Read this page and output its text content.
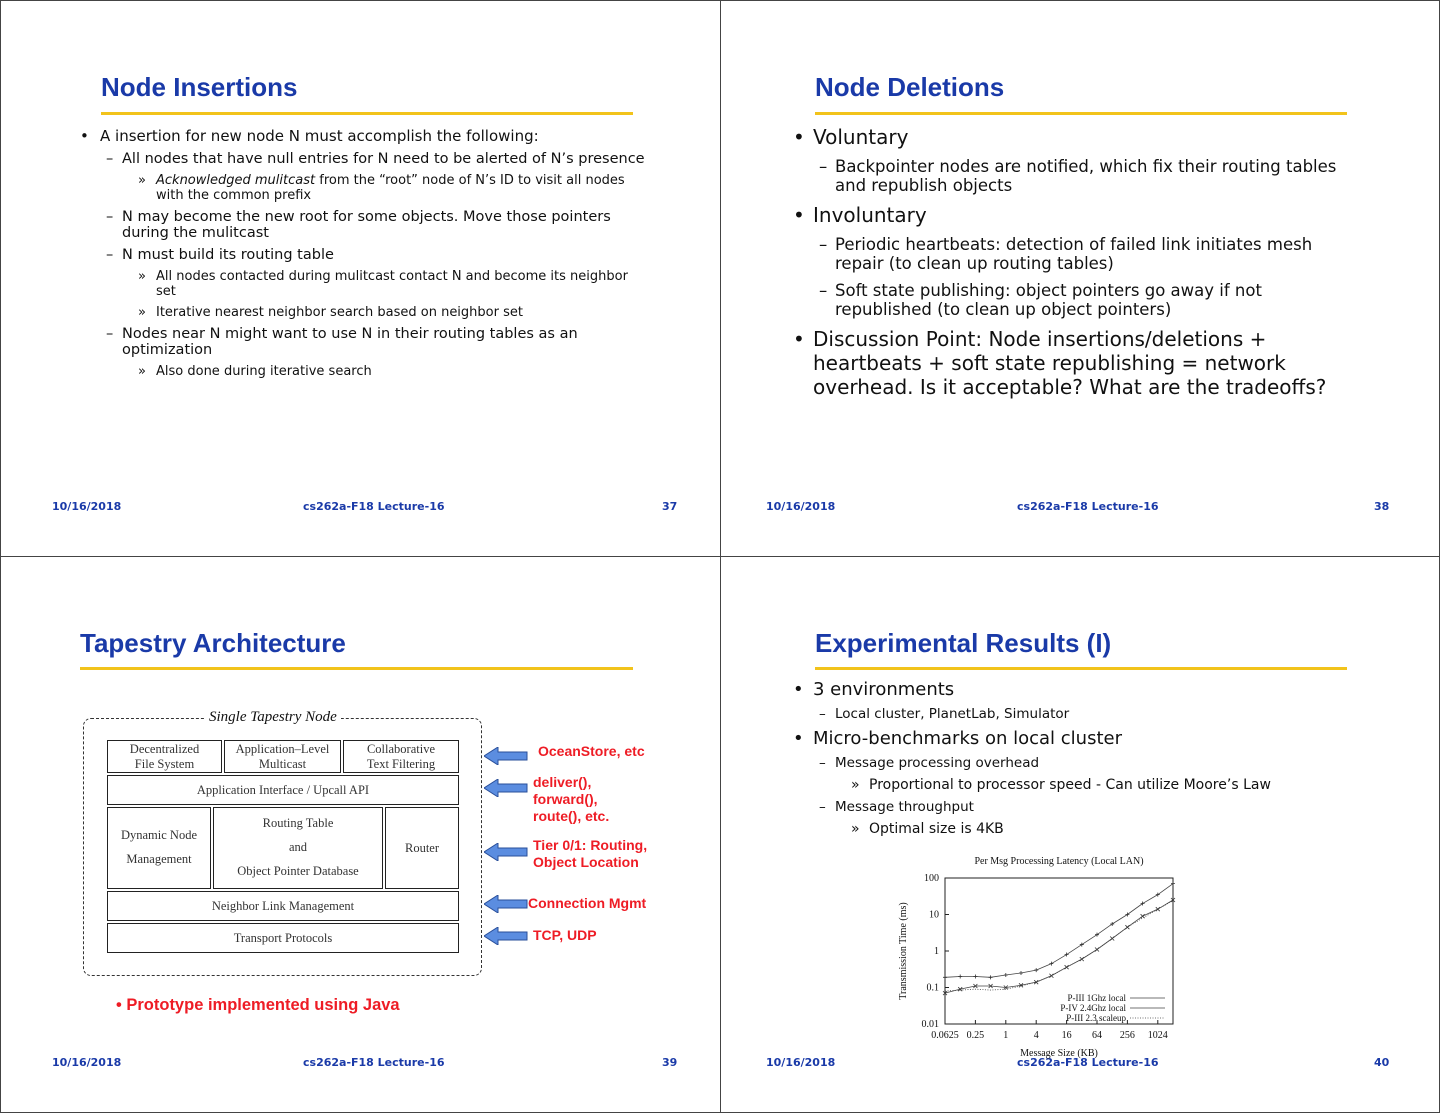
Node Insertions
• A insertion for new node N must accomplish the following:
– All nodes that have null entries for N need to be alerted of N’s presence
» Acknowledged mulitcast from the “root” node of N’s ID to visit all nodes with the common prefix
– N may become the new root for some objects. Move those pointers during the mulitcast
– N must build its routing table
» All nodes contacted during mulitcast contact N and become its neighbor set
» Iterative nearest neighbor search based on neighbor set
– Nodes near N might want to use N in their routing tables as an optimization
» Also done during iterative search
10/16/2018	cs262a-F18 Lecture-16	37
Node Deletions
• Voluntary
– Backpointer nodes are notified, which fix their routing tables and republish objects
• Involuntary
– Periodic heartbeats: detection of failed link initiates mesh repair (to clean up routing tables)
– Soft state publishing: object pointers go away if not republished (to clean up object pointers)
• Discussion Point: Node insertions/deletions + heartbeats + soft state republishing = network overhead. Is it acceptable? What are the tradeoffs?
10/16/2018	cs262a-F18 Lecture-16	38
Tapestry Architecture
10/16/2018	cs262a-F18 Lecture-16	39
Single Tapestry Node
Decentralized
File System
Application–Level
Multicast
Collaborative
Text Filtering
Application Interface / Upcall API
Dynamic Node

Management
Routing Table

and

Object Pointer Database
Router
Neighbor Link Management
Transport Protocols
OceanStore, etc
deliver(),
forward(),
route(), etc.
Tier 0/1: Routing,
Object Location
Connection Mgmt
TCP, UDP
• Prototype implemented using Java
Experimental Results (I)
• 3 environments
– Local cluster, PlanetLab, Simulator
• Micro-benchmarks on local cluster
– Message processing overhead
» Proportional to processor speed - Can utilize Moore’s Law
– Message throughput
» Optimal size is 4KB
10/16/2018	cs262a-F18 Lecture-16	40
Per Msg Processing Latency (Local LAN)
Message Size (KB)
Transmission Time (ms)
0.01
0.1
1
10
100
0.0625 0.25 1	4 16 64 256 1024
P-III 1Ghz local
P-IV 2.4Ghz local
P-III 2.3 scaleup
